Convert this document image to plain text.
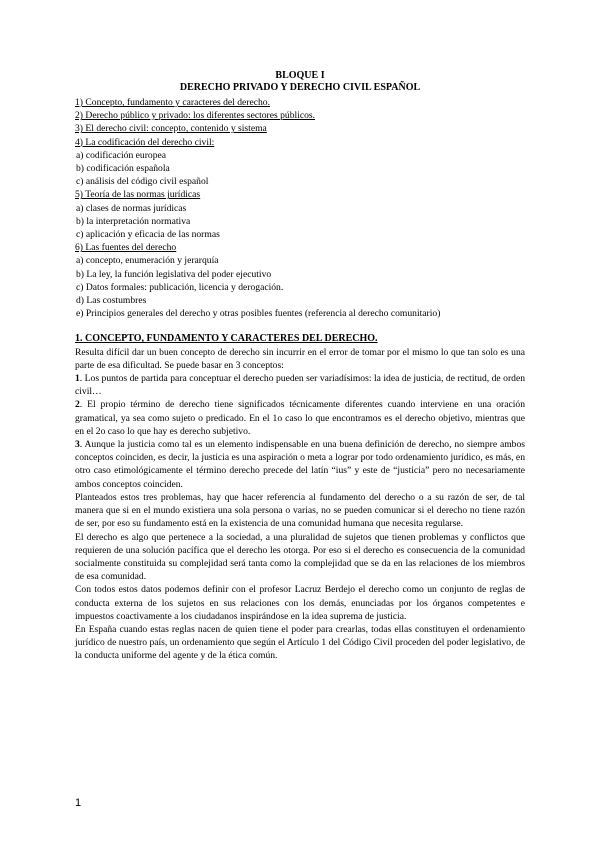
BLOQUE I
DERECHO PRIVADO Y DERECHO CIVIL ESPAÑOL
1) Concepto, fundamento y caracteres del derecho.
2) Derecho público y privado: los diferentes sectores públicos.
3) El derecho civil: concepto, contenido y sistema
4) La codificación del derecho civil:
a) codificación europea
b) codificación española
c) análisis del código civil español
5) Teoría de las normas jurídicas
a) clases de normas jurídicas
b) la interpretación normativa
c) aplicación y eficacia de las normas
6) Las fuentes del derecho
a) concepto, enumeración y jerarquía
b) La ley, la función legislativa del poder ejecutivo
c) Datos formales: publicación, licencia y derogación.
d) Las costumbres
e) Principios generales del derecho y otras posibles fuentes (referencia al derecho comunitario)
1. CONCEPTO, FUNDAMENTO Y CARACTERES DEL DERECHO.
Resulta difícil dar un buen concepto de derecho sin incurrir en el error de tomar por el mismo lo que tan solo es una parte de esa dificultad. Se puede basar en 3 conceptos:
1. Los puntos de partida para conceptuar el derecho pueden ser variadísimos: la idea de justicia, de rectitud, de orden civil…
2. El propio término de derecho tiene significados técnicamente diferentes cuando interviene en una oración gramatical, ya sea como sujeto o predicado. En el 1o caso lo que encontramos es el derecho objetivo, mientras que en el 2o caso lo que hay es derecho subjetivo.
3. Aunque la justicia como tal es un elemento indispensable en una buena definición de derecho, no siempre ambos conceptos coinciden, es decir, la justicia es una aspiración o meta a lograr por todo ordenamiento jurídico, es más, en otro caso etimológicamente el término derecho precede del latín “ius” y este de “justicia” pero no necesariamente ambos conceptos coinciden.
Planteados estos tres problemas, hay que hacer referencia al fundamento del derecho o a su razón de ser, de tal manera que si en el mundo existiera una sola persona o varias, no se pueden comunicar si el derecho no tiene razón de ser, por eso su fundamento está en la existencia de una comunidad humana que necesita regularse.
El derecho es algo que pertenece a la sociedad, a una pluralidad de sujetos que tienen problemas y conflictos que requieren de una solución pacífica que el derecho les otorga. Por eso si el derecho es consecuencia de la comunidad socialmente constituida su complejidad será tanta como la complejidad que se da en las relaciones de los miembros de esa comunidad.
Con todos estos datos podemos definir con el profesor Lacruz Berdejo el derecho como un conjunto de reglas de conducta externa de los sujetos en sus relaciones con los demás, enunciadas por los órganos competentes e impuestos coactivamente a los ciudadanos inspirándose en la idea suprema de justicia.
En España cuando estas reglas nacen de quien tiene el poder para crearlas, todas ellas constituyen el ordenamiento jurídico de nuestro país, un ordenamiento que según el Artículo 1 del Código Civil proceden del poder legislativo, de la conducta uniforme del agente y de la ética común.
1
